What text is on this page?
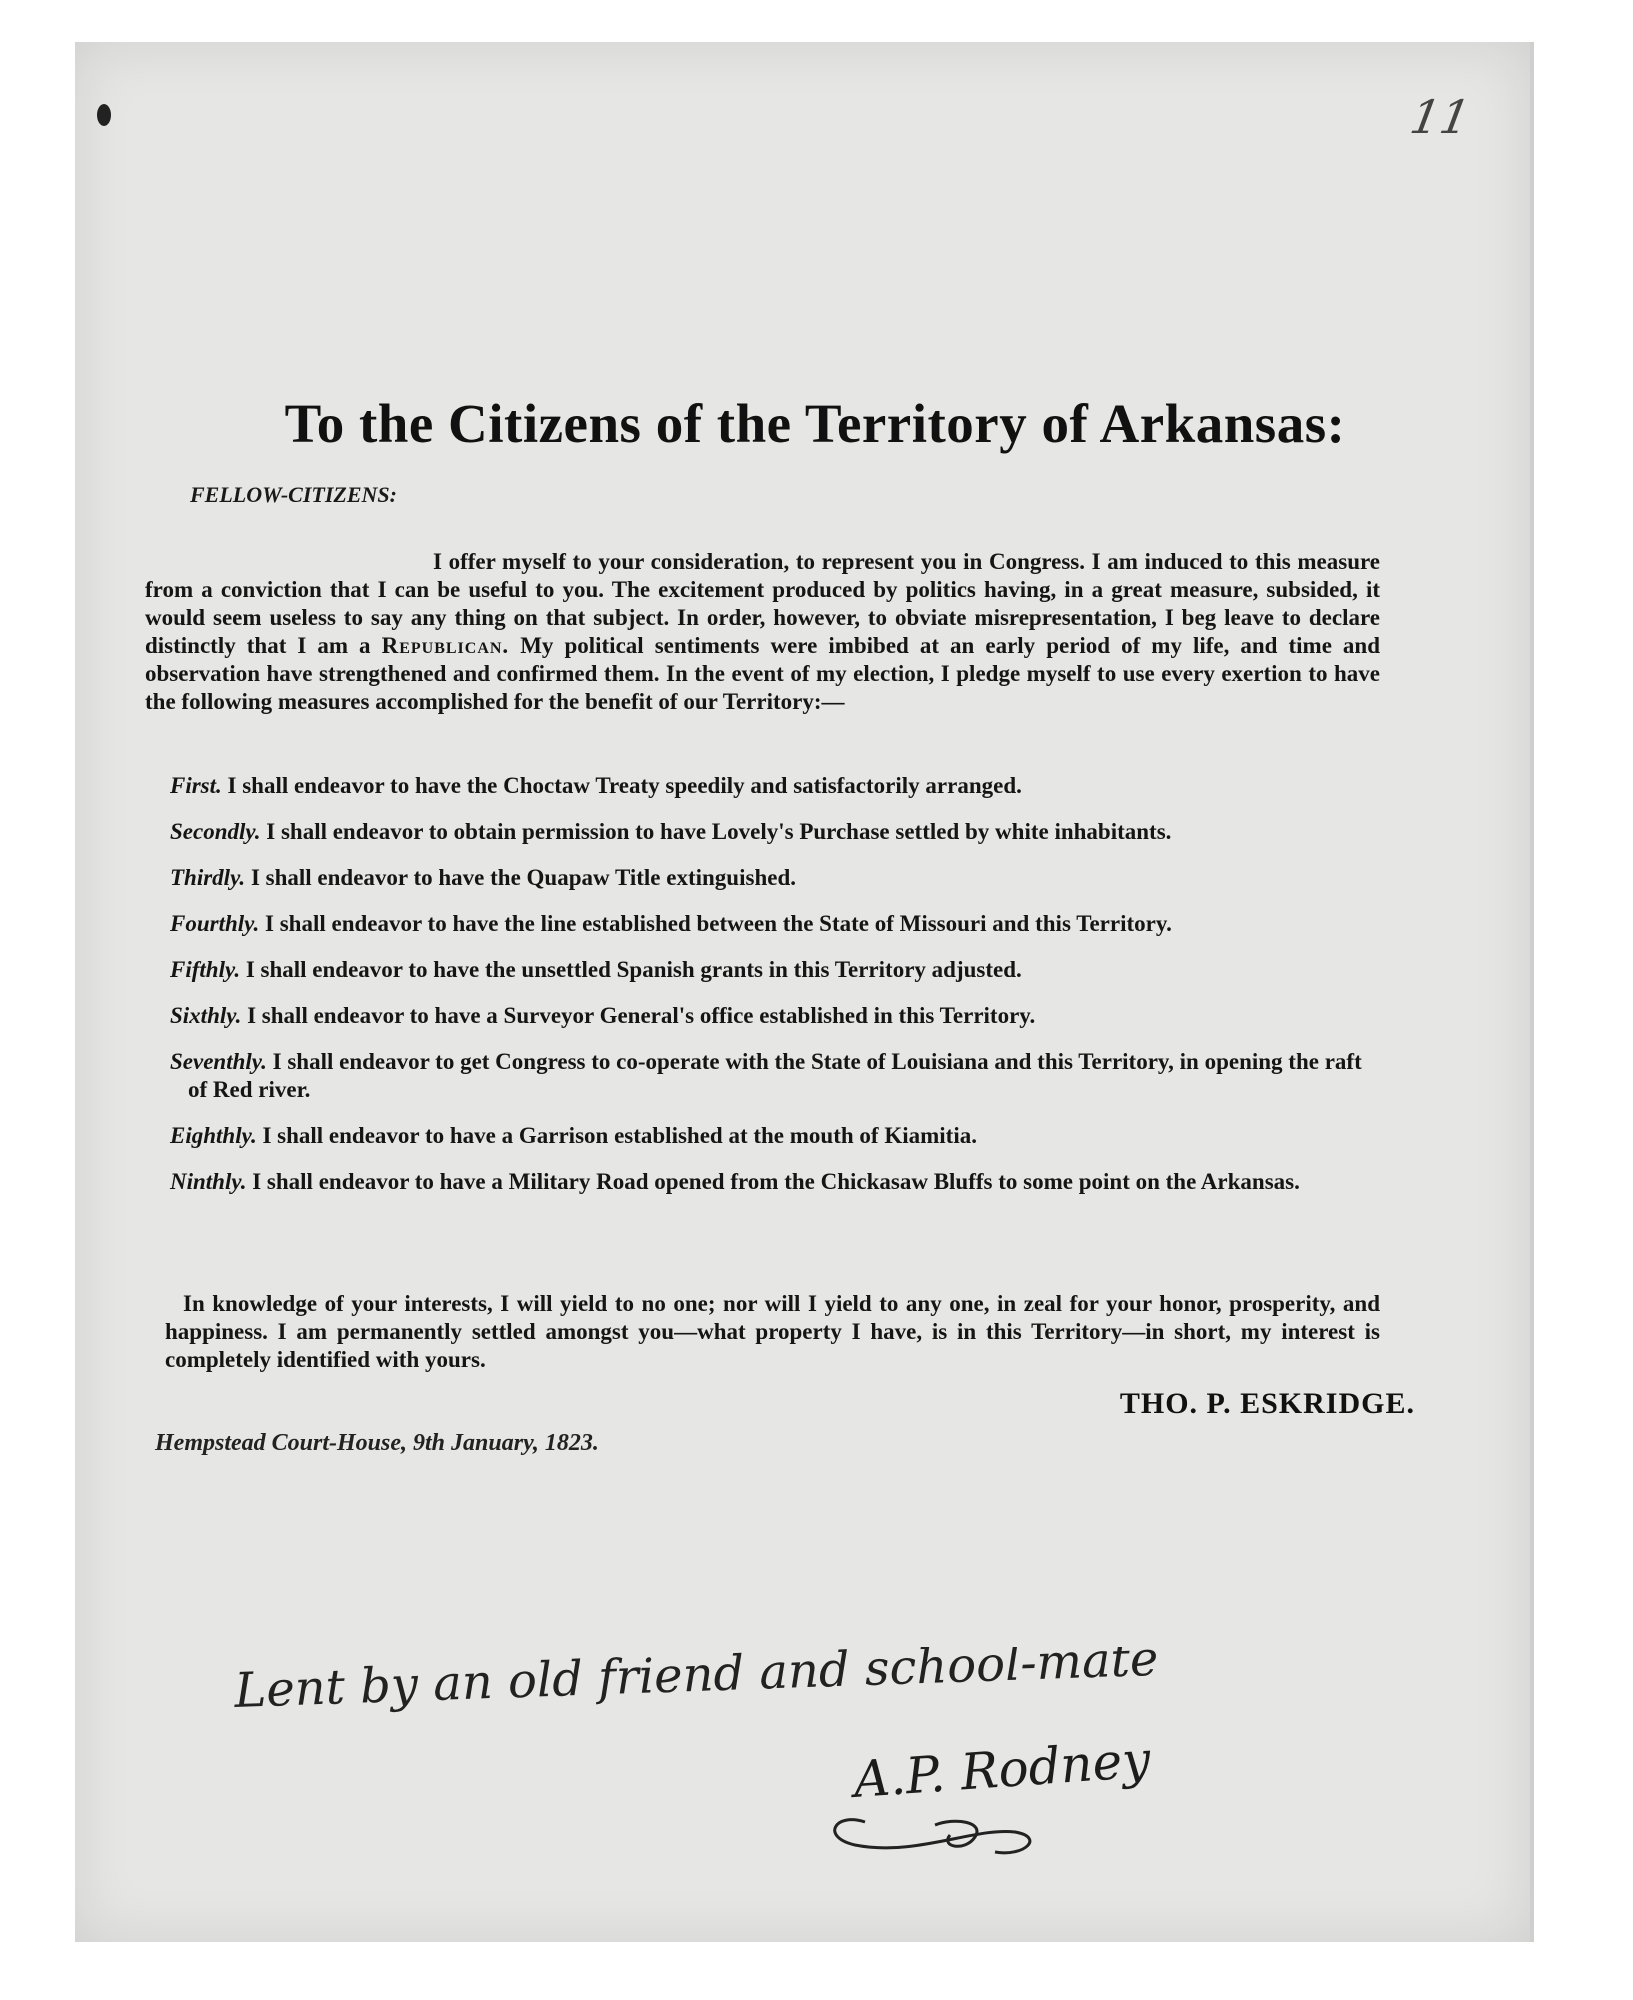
11
To the Citizens of the Territory of Arkansas:
FELLOW-CITIZENS:

I offer myself to your consideration, to represent you in Congress. I am induced to this measure from a conviction that I can be useful to you. The excitement produced by politics having, in a great measure, subsided, it would seem useless to say any thing on that subject. In order, however, to obviate misrepresentation, I beg leave to declare distinctly that I am a Republican. My political sentiments were imbibed at an early period of my life, and time and observation have strengthened and confirmed them. In the event of my election, I pledge myself to use every exertion to have the following measures accomplished for the benefit of our Territory:—

First. I shall endeavor to have the Choctaw Treaty speedily and satisfactorily arranged.
Secondly. I shall endeavor to obtain permission to have Lovely's Purchase settled by white inhabitants.
Thirdly. I shall endeavor to have the Quapaw Title extinguished.
Fourthly. I shall endeavor to have the line established between the State of Missouri and this Territory.
Fifthly. I shall endeavor to have the unsettled Spanish grants in this Territory adjusted.
Sixthly. I shall endeavor to have a Surveyor General's office established in this Territory.
Seventhly. I shall endeavor to get Congress to co-operate with the State of Louisiana and this Territory, in opening the raft of Red river.
Eighthly. I shall endeavor to have a Garrison established at the mouth of Kiamitia.
Ninthly. I shall endeavor to have a Military Road opened from the Chickasaw Bluffs to some point on the Arkansas.

In knowledge of your interests, I will yield to no one; nor will I yield to any one, in zeal for your honor, prosperity, and happiness. I am permanently settled amongst you—what property I have, is in this Territory—in short, my interest is completely identified with yours.

THO. P. ESKRIDGE.
Hempstead Court-House, 9th January, 1823.
Lent by an old friend and school-mate
A.P. Rodney
